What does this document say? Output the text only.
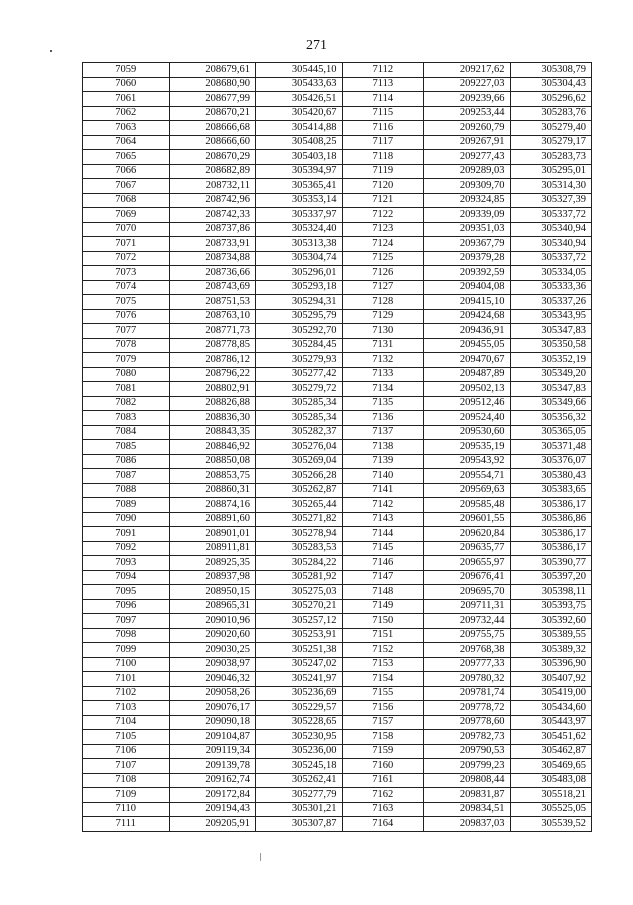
271
7059	208679,61	305445,10	7112	209217,62	305308,79
7060	208680,90	305433,63	7113	209227,03	305304,43
7061	208677,99	305426,51	7114	209239,66	305296,62
7062	208670,21	305420,67	7115	209253,44	305283,76
7063	208666,68	305414,88	7116	209260,79	305279,40
7064	208666,60	305408,25	7117	209267,91	305279,17
7065	208670,29	305403,18	7118	209277,43	305283,73
7066	208682,89	305394,97	7119	209289,03	305295,01
7067	208732,11	305365,41	7120	209309,70	305314,30
7068	208742,96	305353,14	7121	209324,85	305327,39
7069	208742,33	305337,97	7122	209339,09	305337,72
7070	208737,86	305324,40	7123	209351,03	305340,94
7071	208733,91	305313,38	7124	209367,79	305340,94
7072	208734,88	305304,74	7125	209379,28	305337,72
7073	208736,66	305296,01	7126	209392,59	305334,05
7074	208743,69	305293,18	7127	209404,08	305333,36
7075	208751,53	305294,31	7128	209415,10	305337,26
7076	208763,10	305295,79	7129	209424,68	305343,95
7077	208771,73	305292,70	7130	209436,91	305347,83
7078	208778,85	305284,45	7131	209455,05	305350,58
7079	208786,12	305279,93	7132	209470,67	305352,19
7080	208796,22	305277,42	7133	209487,89	305349,20
7081	208802,91	305279,72	7134	209502,13	305347,83
7082	208826,88	305285,34	7135	209512,46	305349,66
7083	208836,30	305285,34	7136	209524,40	305356,32
7084	208843,35	305282,37	7137	209530,60	305365,05
7085	208846,92	305276,04	7138	209535,19	305371,48
7086	208850,08	305269,04	7139	209543,92	305376,07
7087	208853,75	305266,28	7140	209554,71	305380,43
7088	208860,31	305262,87	7141	209569,63	305383,65
7089	208874,16	305265,44	7142	209585,48	305386,17
7090	208891,60	305271,82	7143	209601,55	305386,86
7091	208901,01	305278,94	7144	209620,84	305386,17
7092	208911,81	305283,53	7145	209635,77	305386,17
7093	208925,35	305284,22	7146	209655,97	305390,77
7094	208937,98	305281,92	7147	209676,41	305397,20
7095	208950,15	305275,03	7148	209695,70	305398,11
7096	208965,31	305270,21	7149	209711,31	305393,75
7097	209010,96	305257,12	7150	209732,44	305392,60
7098	209020,60	305253,91	7151	209755,75	305389,55
7099	209030,25	305251,38	7152	209768,38	305389,32
7100	209038,97	305247,02	7153	209777,33	305396,90
7101	209046,32	305241,97	7154	209780,32	305407,92
7102	209058,26	305236,69	7155	209781,74	305419,00
7103	209076,17	305229,57	7156	209778,72	305434,60
7104	209090,18	305228,65	7157	209778,60	305443,97
7105	209104,87	305230,95	7158	209782,73	305451,62
7106	209119,34	305236,00	7159	209790,53	305462,87
7107	209139,78	305245,18	7160	209799,23	305469,65
7108	209162,74	305262,41	7161	209808,44	305483,08
7109	209172,84	305277,79	7162	209831,87	305518,21
7110	209194,43	305301,21	7163	209834,51	305525,05
7111	209205,91	305307,87	7164	209837,03	305539,52
